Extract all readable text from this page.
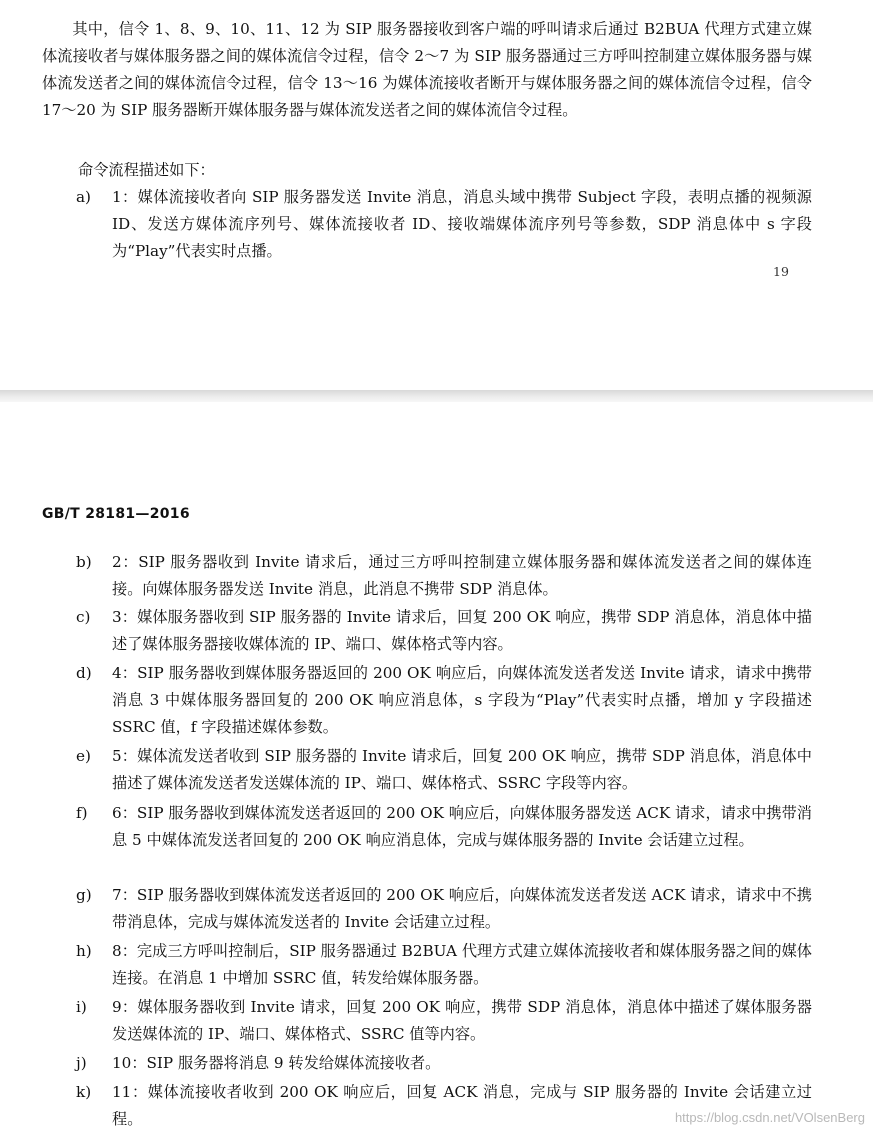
其中，信令 1、8、9、10、11、12 为 SIP 服务器接收到客户端的呼叫请求后通过 B2BUA 代理方式建立媒体流接收者与媒体服务器之间的媒体流信令过程，信令 2～7 为 SIP 服务器通过三方呼叫控制建立媒体服务器与媒体流发送者之间的媒体流信令过程，信令 13～16 为媒体流接收者断开与媒体服务器之间的媒体流信令过程，信令 17～20 为 SIP 服务器断开媒体服务器与媒体流发送者之间的媒体流信令过程。

命令流程描述如下：

a)	1：媒体流接收者向 SIP 服务器发送 Invite 消息，消息头域中携带 Subject 字段，表明点播的视频源 ID、发送方媒体流序列号、媒体流接收者 ID、接收端媒体流序列号等参数，SDP 消息体中 s 字段为“Play”代表实时点播。
19
GB/T 28181—2016
b)	2：SIP 服务器收到 Invite 请求后，通过三方呼叫控制建立媒体服务器和媒体流发送者之间的媒体连接。向媒体服务器发送 Invite 消息，此消息不携带 SDP 消息体。
c)	3：媒体服务器收到 SIP 服务器的 Invite 请求后，回复 200 OK 响应，携带 SDP 消息体，消息体中描述了媒体服务器接收媒体流的 IP、端口、媒体格式等内容。
d)	4：SIP 服务器收到媒体服务器返回的 200 OK 响应后，向媒体流发送者发送 Invite 请求，请求中携带消息 3 中媒体服务器回复的 200 OK 响应消息体，s 字段为“Play”代表实时点播，增加 y 字段描述 SSRC 值，f 字段描述媒体参数。
e)	5：媒体流发送者收到 SIP 服务器的 Invite 请求后，回复 200 OK 响应，携带 SDP 消息体，消息体中描述了媒体流发送者发送媒体流的 IP、端口、媒体格式、SSRC 字段等内容。
f)	6：SIP 服务器收到媒体流发送者返回的 200 OK 响应后，向媒体服务器发送 ACK 请求，请求中携带消息 5 中媒体流发送者回复的 200 OK 响应消息体，完成与媒体服务器的 Invite 会话建立过程。
g)	7：SIP 服务器收到媒体流发送者返回的 200 OK 响应后，向媒体流发送者发送 ACK 请求，请求中不携带消息体，完成与媒体流发送者的 Invite 会话建立过程。
h)	8：完成三方呼叫控制后，SIP 服务器通过 B2BUA 代理方式建立媒体流接收者和媒体服务器之间的媒体连接。在消息 1 中增加 SSRC 值，转发给媒体服务器。
i)	9：媒体服务器收到 Invite 请求，回复 200 OK 响应，携带 SDP 消息体，消息体中描述了媒体服务器发送媒体流的 IP、端口、媒体格式、SSRC 值等内容。
j)	10：SIP 服务器将消息 9 转发给媒体流接收者。
k)	11：媒体流接收者收到 200 OK 响应后，回复 ACK 消息，完成与 SIP 服务器的 Invite 会话建立过程。	https://blog.csdn.net/VOlsenBerg
